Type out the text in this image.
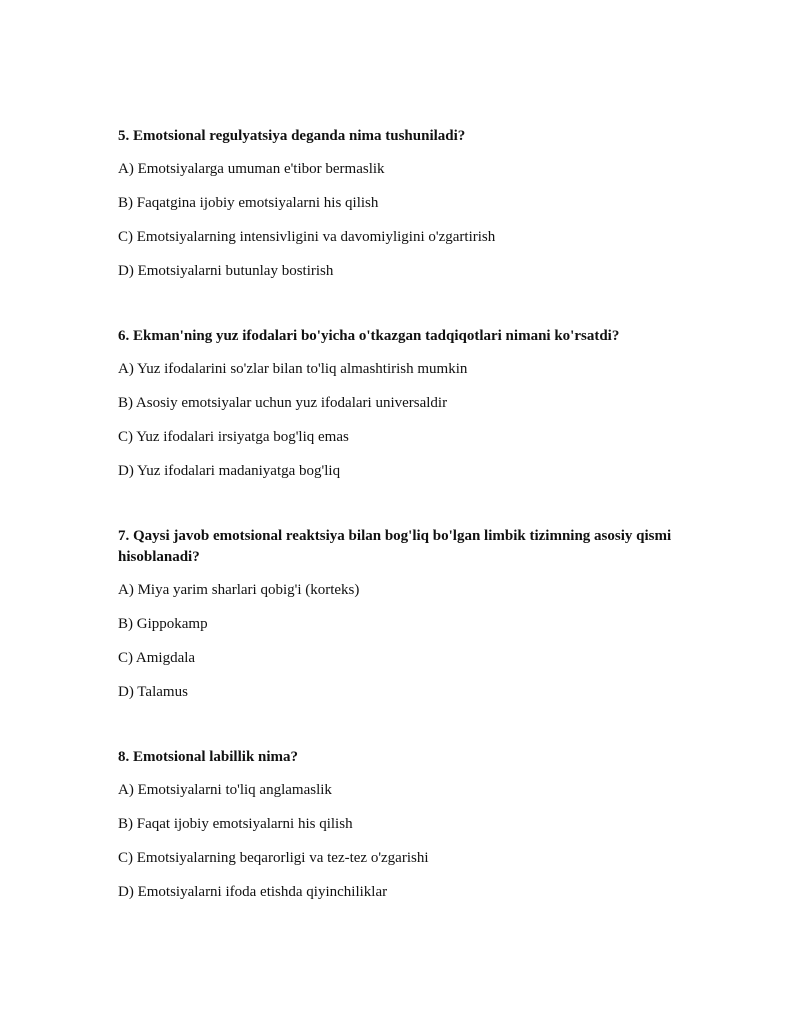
5. Emotsional regulyatsiya deganda nima tushuniladi?
A) Emotsiyalarga umuman e'tibor bermaslik
B) Faqatgina ijobiy emotsiyalarni his qilish
C) Emotsiyalarning intensivligini va davomiyligini o'zgartirish
D) Emotsiyalarni butunlay bostirish
6. Ekman'ning yuz ifodalari bo'yicha o'tkazgan tadqiqotlari nimani ko'rsatdi?
A) Yuz ifodalarini so'zlar bilan to'liq almashtirish mumkin
B) Asosiy emotsiyalar uchun yuz ifodalari universaldir
C) Yuz ifodalari irsiyatga bog'liq emas
D) Yuz ifodalari madaniyatga bog'liq
7. Qaysi javob emotsional reaktsiya bilan bog'liq bo'lgan limbik tizimning asosiy qismi hisoblanadi?
A) Miya yarim sharlari qobig'i (korteks)
B) Gippokamp
C) Amigdala
D) Talamus
8. Emotsional labillik nima?
A) Emotsiyalarni to'liq anglamaslik
B) Faqat ijobiy emotsiyalarni his qilish
C) Emotsiyalarning beqarorligi va tez-tez o'zgarishi
D) Emotsiyalarni ifoda etishda qiyinchiliklar
